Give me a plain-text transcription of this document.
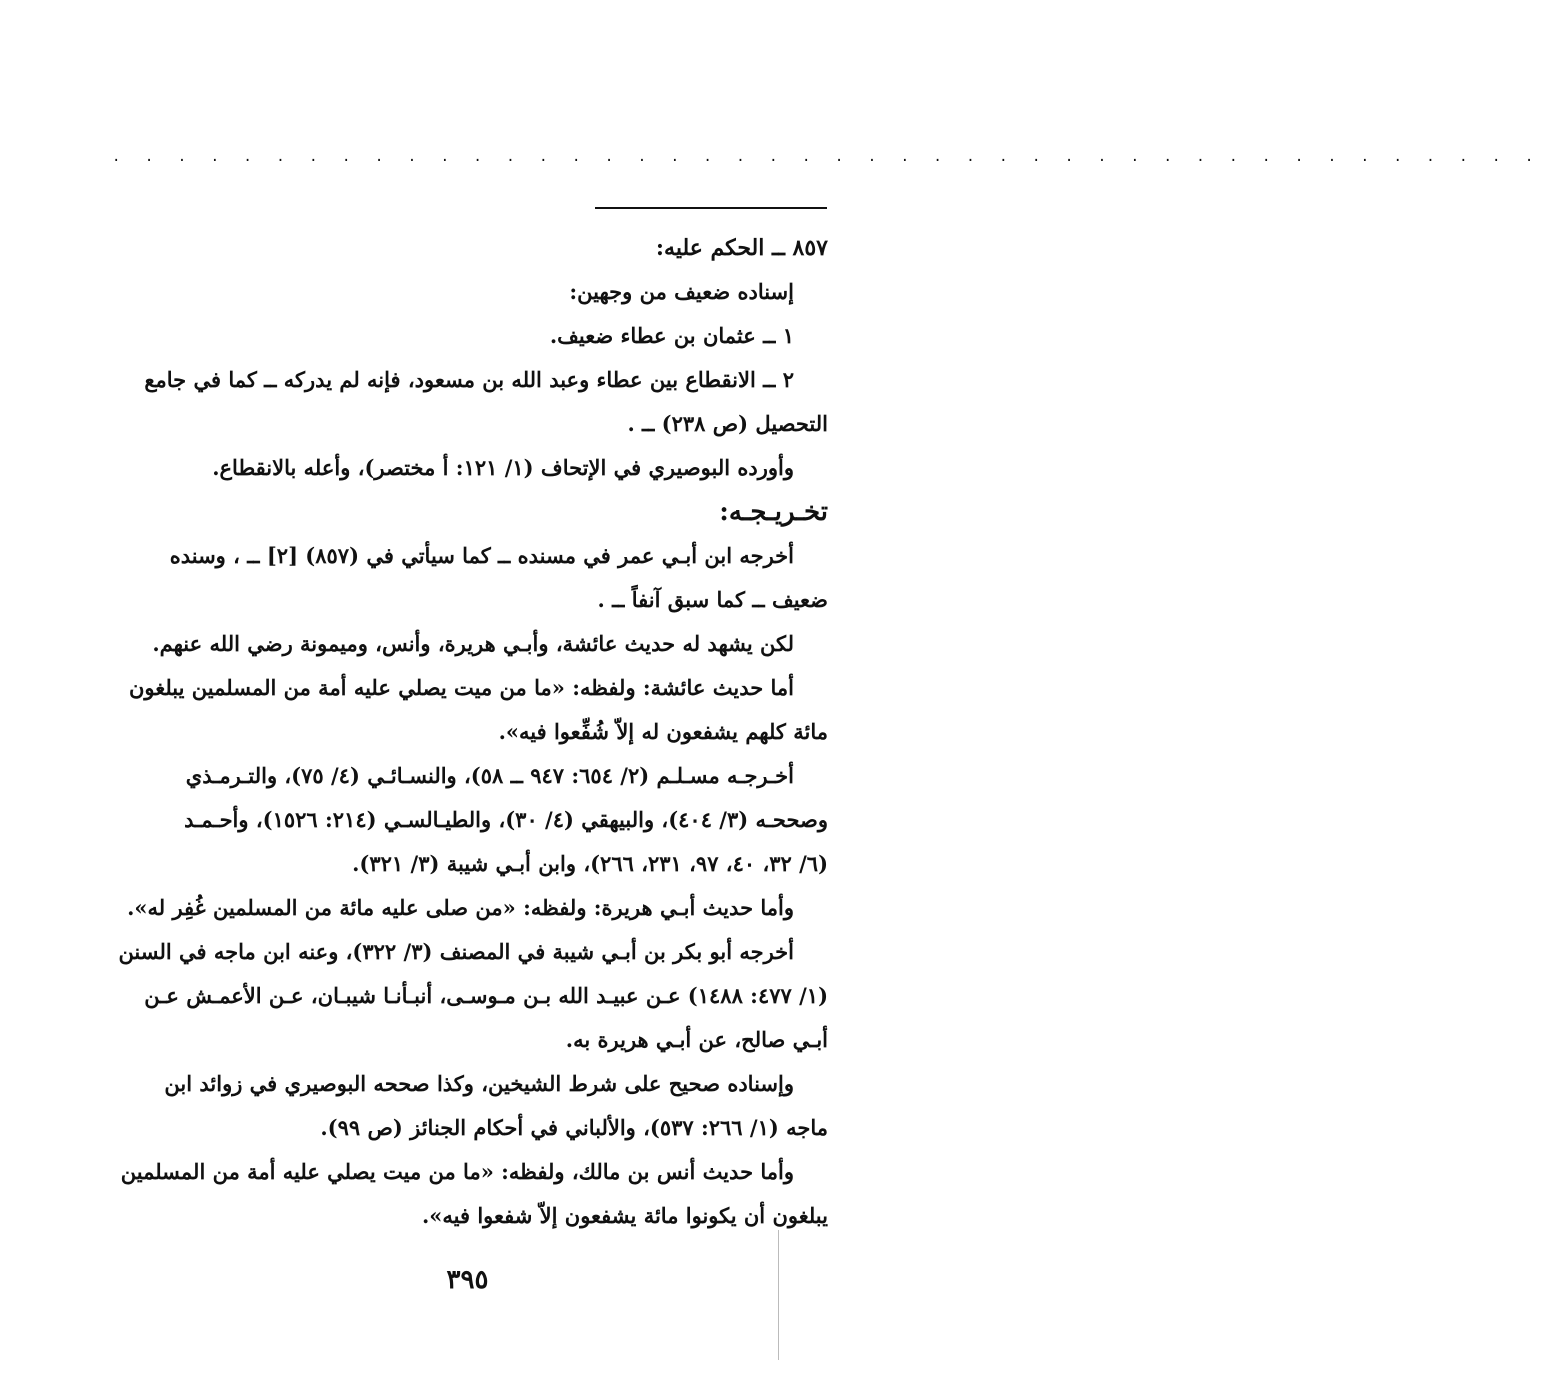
. . . . . . . . . . . . . . . . . . . . . . . . . . . . . . . . . . . . . . . . . . . .
٨٥٧ ــ الحكم عليه:
إسناده ضعيف من وجهين:
١ ــ عثمان بن عطاء ضعيف.
٢ ــ الانقطاع بين عطاء وعبد الله بن مسعود، فإنه لم يدركه ــ كما في جامع
التحصيل (ص ٢٣٨) ــ .
وأورده البوصيري في الإتحاف (١/ ١٢١: أ مختصر)، وأعله بالانقطاع.
تخـريـجـه:
أخرجه ابن أبـي عمر في مسنده ــ كما سيأتي في (٨٥٧) [٢] ــ ، وسنده
ضعيف ــ كما سبق آنفاً ــ .
لكن يشهد له حديث عائشة، وأبـي هريرة، وأنس، وميمونة رضي الله عنهم.
أما حديث عائشة: ولفظه: «ما من ميت يصلي عليه أمة من المسلمين يبلغون
مائة كلهم يشفعون له إلاّ شُفِّعوا فيه».
أخـرجـه مسـلـم (٢/ ٦٥٤: ٩٤٧ ــ ٥٨)، والنسـائـي (٤/ ٧٥)، والتـرمـذي
وصححـه (٣/ ٤٠٤)، والبيهقي (٤/ ٣٠)، والطيـالسـي (٢١٤: ١٥٢٦)، وأحـمـد
(٦/ ٣٢، ٤٠، ٩٧، ٢٣١، ٢٦٦)، وابن أبـي شيبة (٣/ ٣٢١).
وأما حديث أبـي هريرة: ولفظه: «من صلى عليه مائة من المسلمين غُفِر له».
أخرجه أبو بكر بن أبـي شيبة في المصنف (٣/ ٣٢٢)، وعنه ابن ماجه في السنن
(١/ ٤٧٧: ١٤٨٨) عـن عبيـد الله بـن مـوسـى، أنبـأنـا شيبـان، عـن الأعمـش عـن
أبـي صالح، عن أبـي هريرة به.
وإسناده صحيح على شرط الشيخين، وكذا صححه البوصيري في زوائد ابن
ماجه (١/ ٢٦٦: ٥٣٧)، والألباني في أحكام الجنائز (ص ٩٩).
وأما حديث أنس بن مالك، ولفظه: «ما من ميت يصلي عليه أمة من المسلمين
يبلغون أن يكونوا مائة يشفعون إلاّ شفعوا فيه».
٣٩٥
